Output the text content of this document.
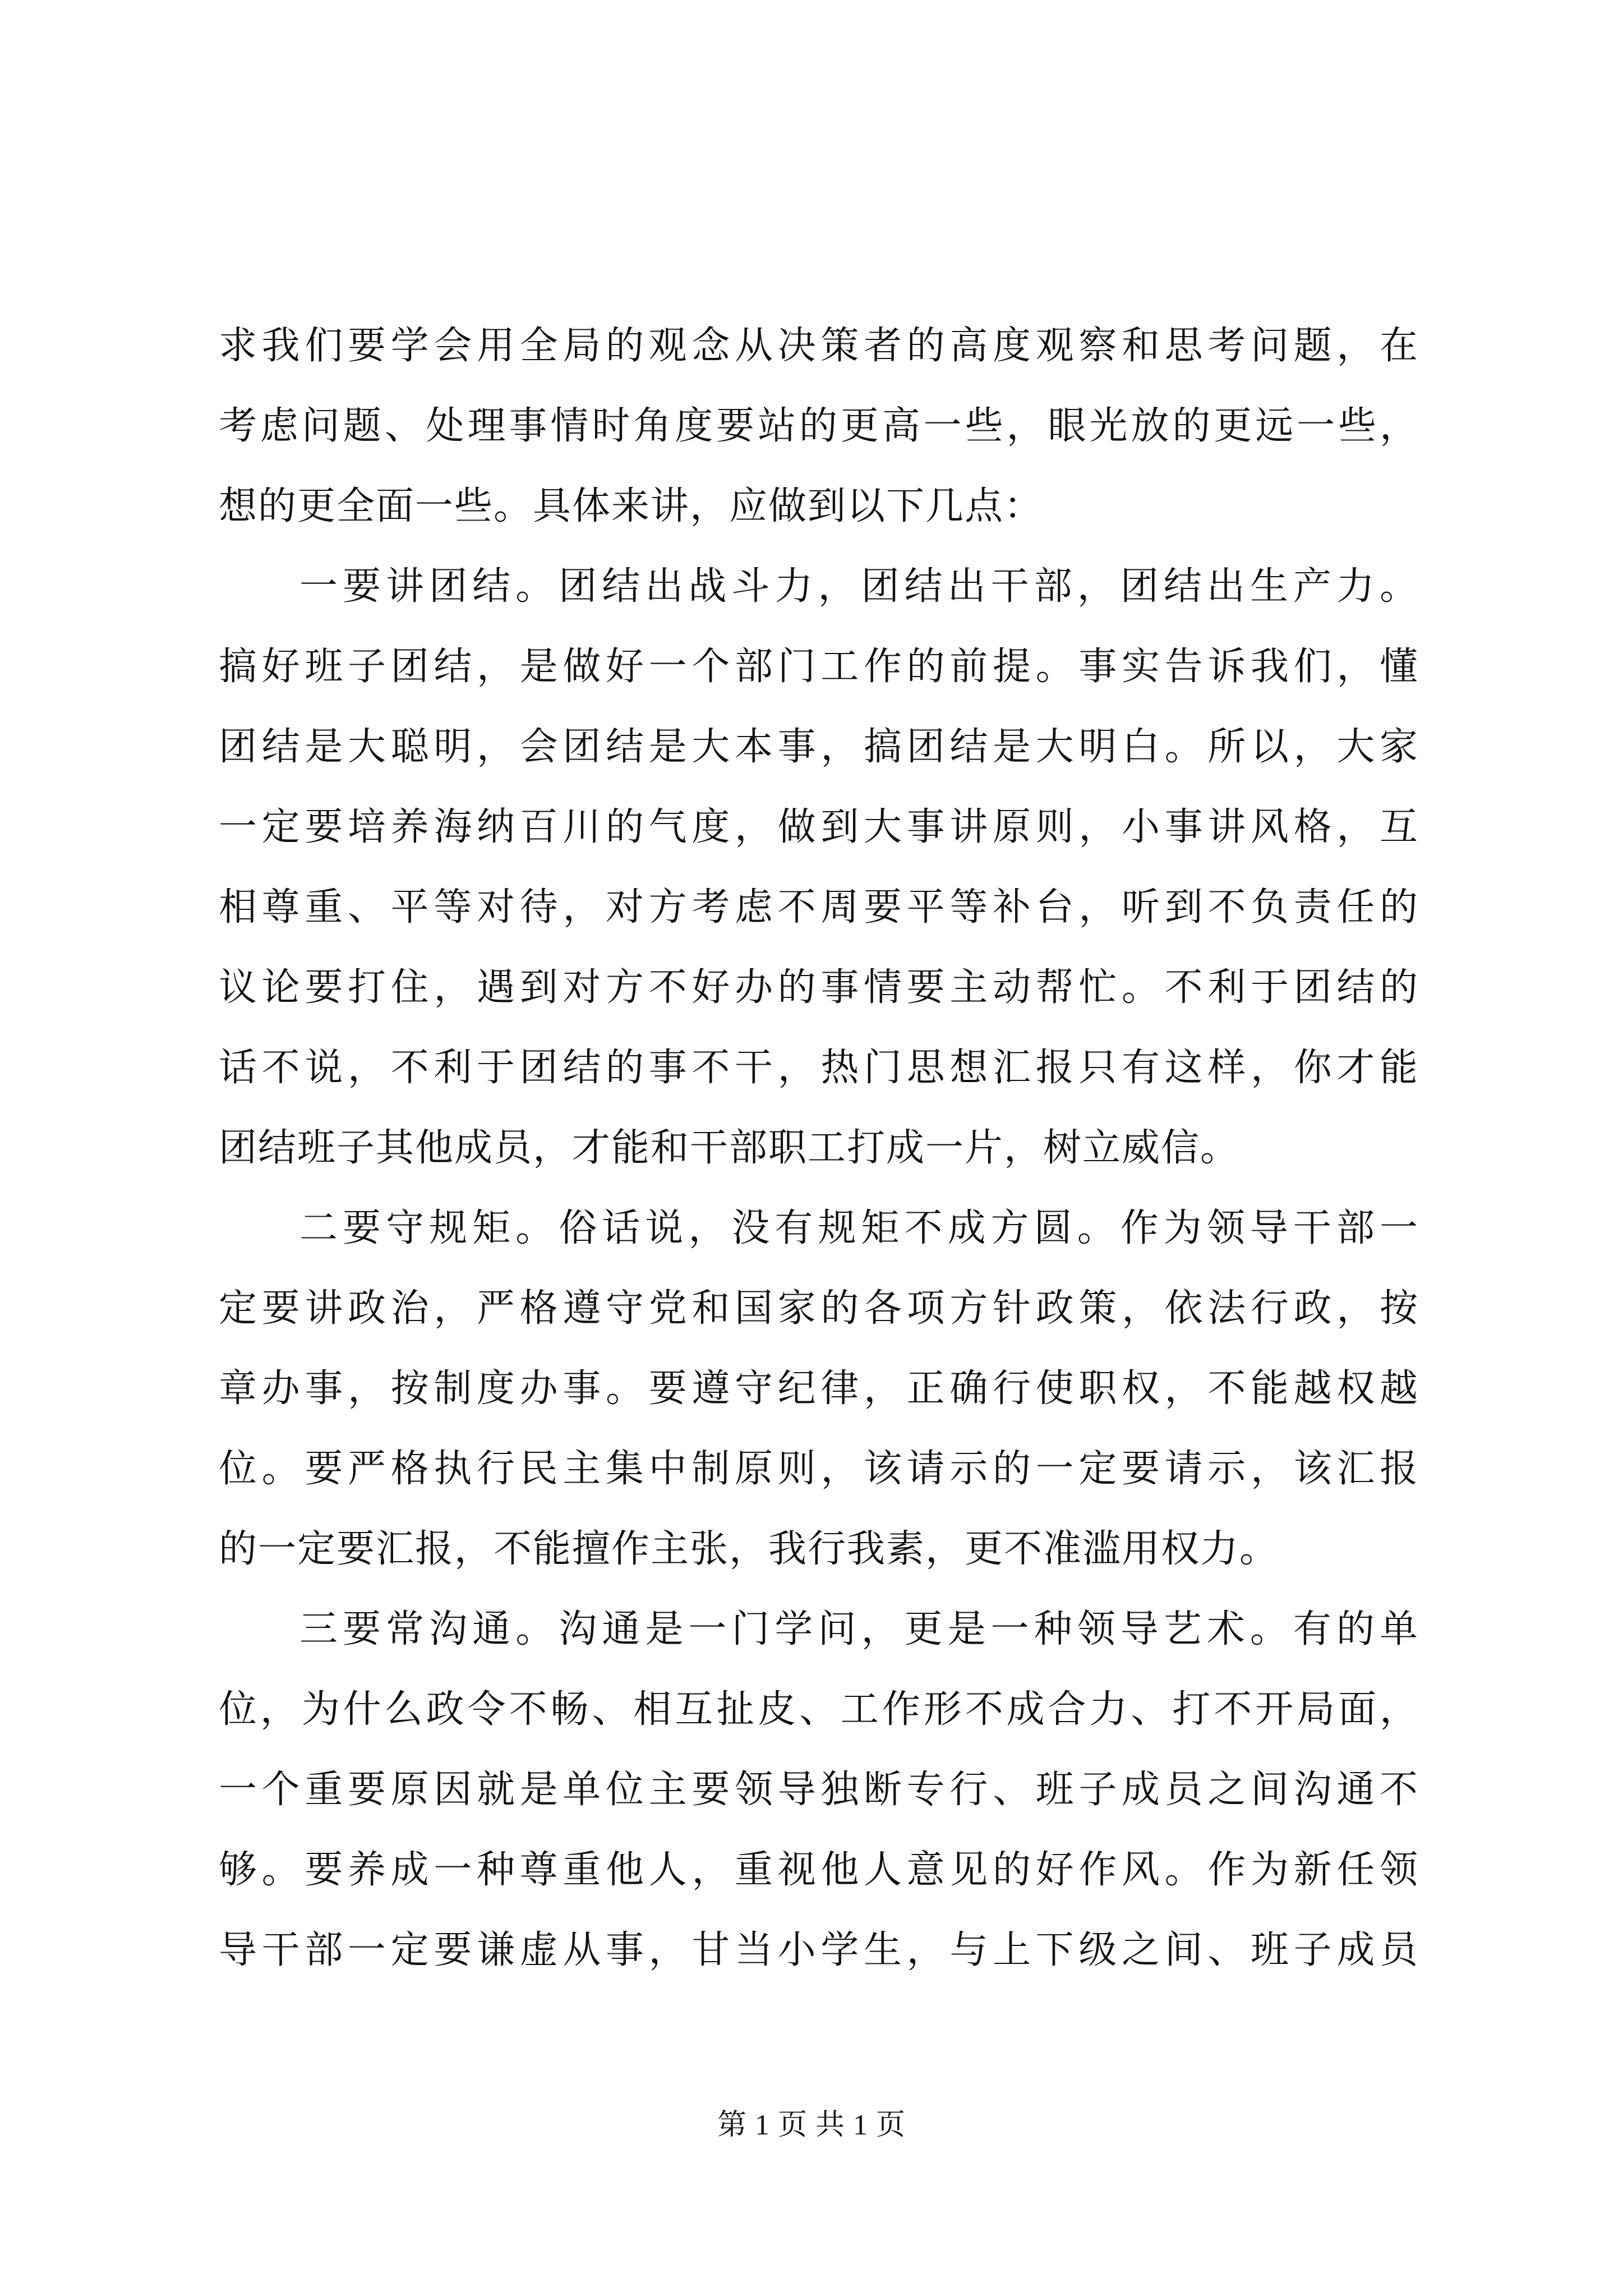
求我们要学会用全局的观念从决策者的高度观察和思考问题，在
考虑问题、处理事情时角度要站的更高一些，眼光放的更远一些，
想的更全面一些。具体来讲，应做到以下几点：
一要讲团结。团结出战斗力，团结出干部，团结出生产力。
搞好班子团结，是做好一个部门工作的前提。事实告诉我们，懂
团结是大聪明，会团结是大本事，搞团结是大明白。所以，大家
一定要培养海纳百川的气度，做到大事讲原则，小事讲风格，互
相尊重、平等对待，对方考虑不周要平等补台，听到不负责任的
议论要打住，遇到对方不好办的事情要主动帮忙。不利于团结的
话不说，不利于团结的事不干，热门思想汇报只有这样，你才能
团结班子其他成员，才能和干部职工打成一片，树立威信。
二要守规矩。俗话说，没有规矩不成方圆。作为领导干部一
定要讲政治，严格遵守党和国家的各项方针政策，依法行政，按
章办事，按制度办事。要遵守纪律，正确行使职权，不能越权越
位。要严格执行民主集中制原则，该请示的一定要请示，该汇报
的一定要汇报，不能擅作主张，我行我素，更不准滥用权力。
三要常沟通。沟通是一门学问，更是一种领导艺术。有的单
位，为什么政令不畅、相互扯皮、工作形不成合力、打不开局面，
一个重要原因就是单位主要领导独断专行、班子成员之间沟通不
够。要养成一种尊重他人，重视他人意见的好作风。作为新任领
导干部一定要谦虚从事，甘当小学生，与上下级之间、班子成员
第 1 页 共 1 页
